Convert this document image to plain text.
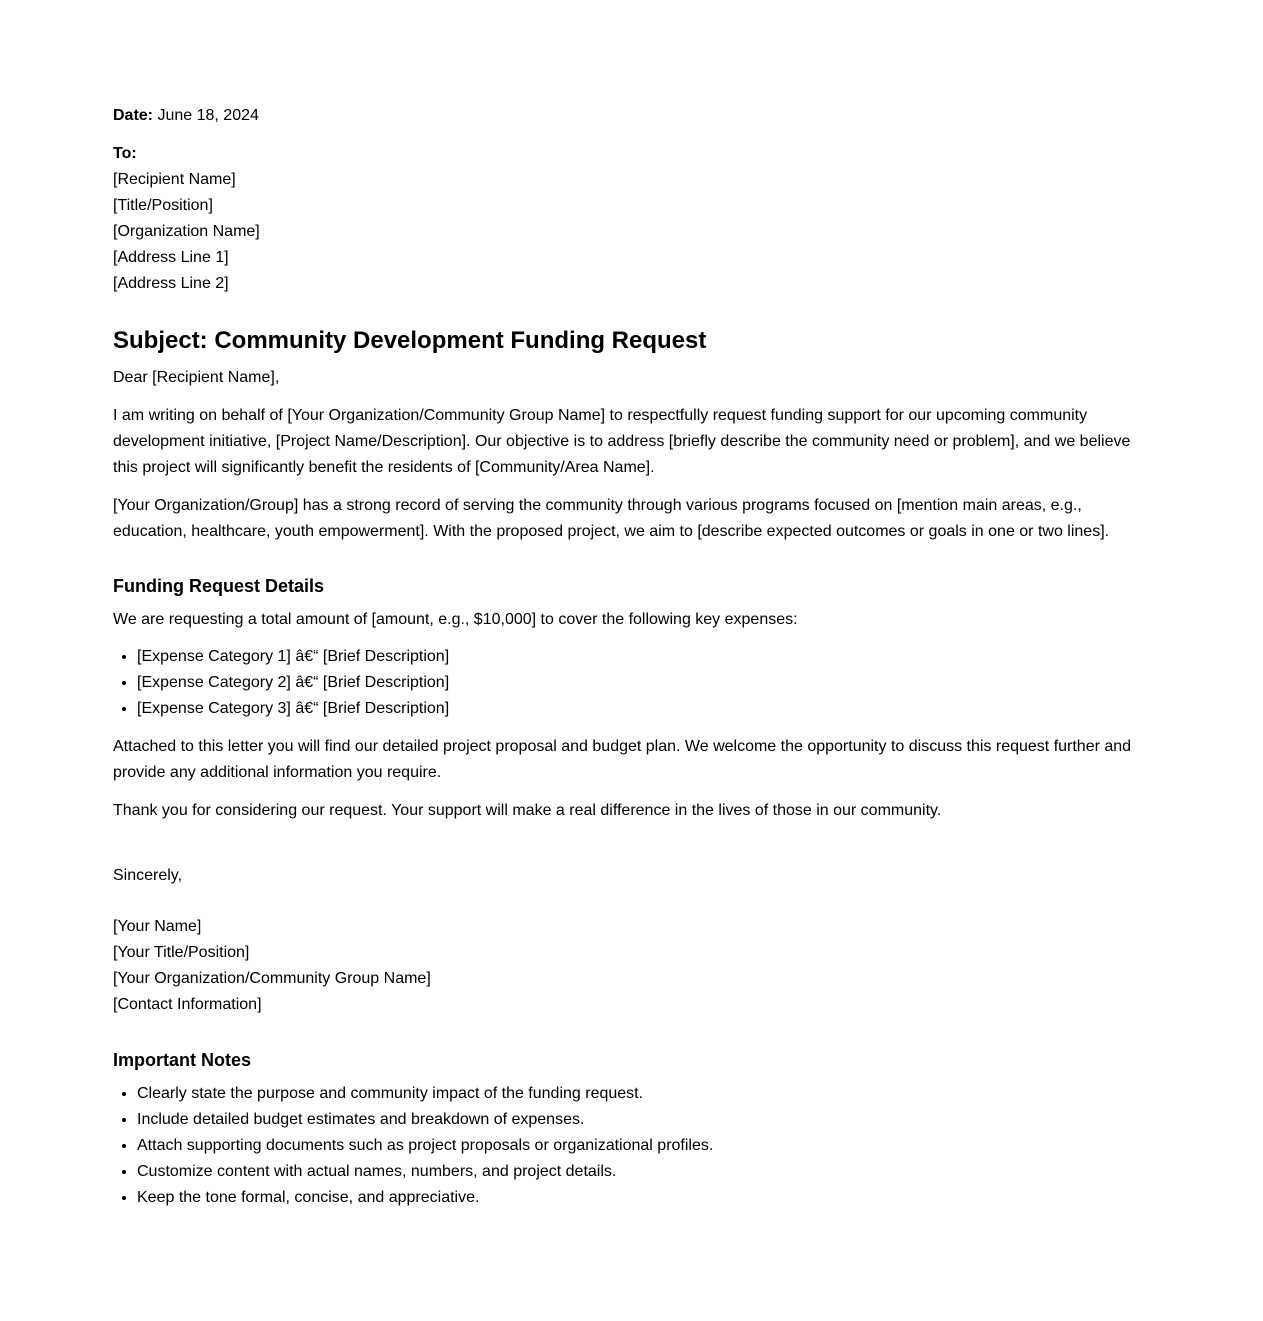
Date: June 18, 2024

To:
[Recipient Name]
[Title/Position]
[Organization Name]
[Address Line 1]
[Address Line 2]
Subject: Community Development Funding Request

Dear [Recipient Name],

I am writing on behalf of [Your Organization/Community Group Name] to respectfully request funding support for our upcoming community development initiative, [Project Name/Description]. Our objective is to address [briefly describe the community need or problem], and we believe this project will significantly benefit the residents of [Community/Area Name].

[Your Organization/Group] has a strong record of serving the community through various programs focused on [mention main areas, e.g., education, healthcare, youth empowerment]. With the proposed project, we aim to [describe expected outcomes or goals in one or two lines].

Funding Request Details

We are requesting a total amount of [amount, e.g., $10,000] to cover the following key expenses:

• [Expense Category 1] â€“ [Brief Description]
• [Expense Category 2] â€“ [Brief Description]
• [Expense Category 3] â€“ [Brief Description]

Attached to this letter you will find our detailed project proposal and budget plan. We welcome the opportunity to discuss this request further and provide any additional information you require.

Thank you for considering our request. Your support will make a real difference in the lives of those in our community.

Sincerely,

[Your Name]
[Your Title/Position]
[Your Organization/Community Group Name]
[Contact Information]
Important Notes
• Clearly state the purpose and community impact of the funding request.
• Include detailed budget estimates and breakdown of expenses.
• Attach supporting documents such as project proposals or organizational profiles.
• Customize content with actual names, numbers, and project details.
• Keep the tone formal, concise, and appreciative.
